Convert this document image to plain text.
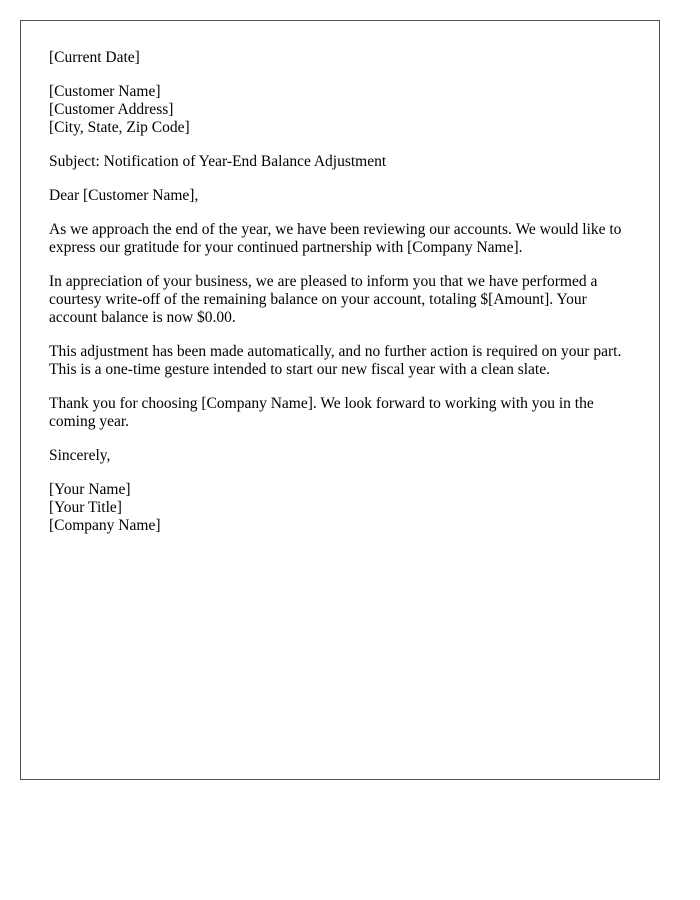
[Current Date]
[Customer Name]
[Customer Address]
[City, State, Zip Code]
Subject: Notification of Year-End Balance Adjustment
Dear [Customer Name],

As we approach the end of the year, we have been reviewing our accounts. We would like to express our gratitude for your continued partnership with [Company Name].

In appreciation of your business, we are pleased to inform you that we have performed a courtesy write-off of the remaining balance on your account, totaling $[Amount]. Your account balance is now $0.00.

This adjustment has been made automatically, and no further action is required on your part. This is a one-time gesture intended to start our new fiscal year with a clean slate.

Thank you for choosing [Company Name]. We look forward to working with you in the coming year.

Sincerely,
[Your Name]
[Your Title]
[Company Name]
